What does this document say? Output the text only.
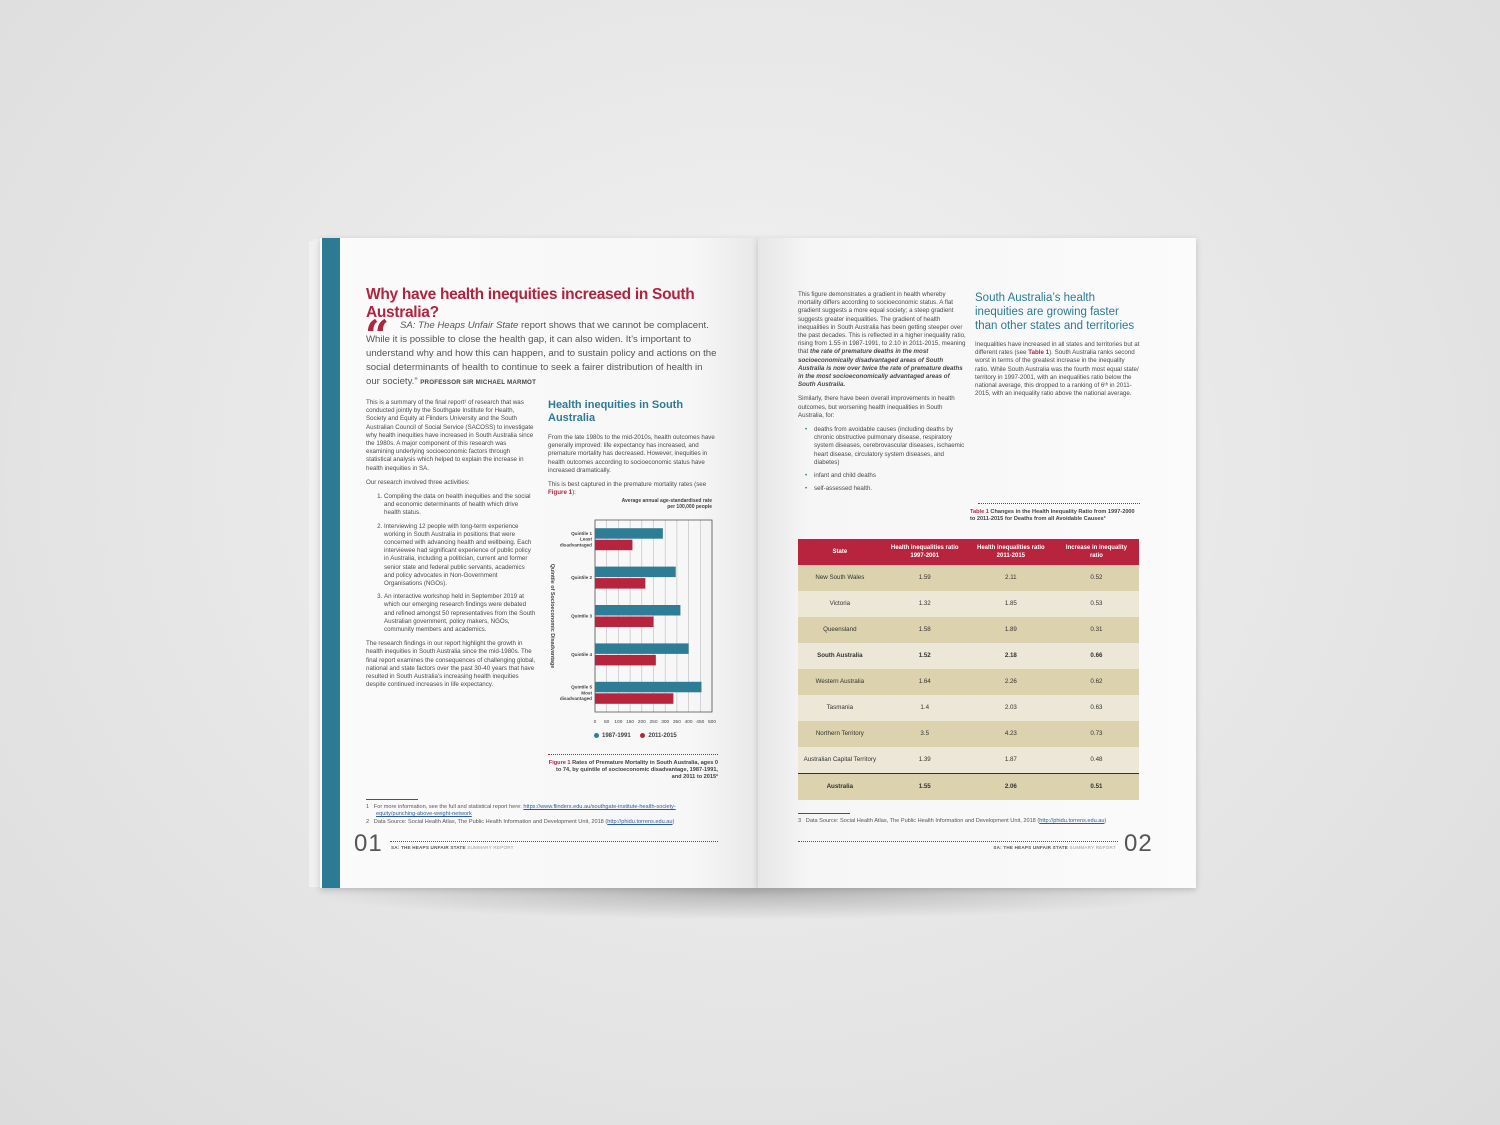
Why have health inequities increased in South Australia?
“	SA: The Heaps Unfair State report shows that we cannot be complacent. While it is possible to close the health gap, it can also widen. It’s important to understand why and how this can happen, and to sustain policy and actions on the social determinants of health to continue to seek a fairer distribution of health in our society.” PROFESSOR SIR MICHAEL MARMOT

This is a summary of the final report¹ of research that was conducted jointly by the Southgate Institute for Health, Society and Equity at Flinders University and the South Australian Council of Social Service (SACOSS) to investigate why health inequities have increased in South Australia since the 1980s. A major component of this research was examining underlying socioeconomic factors through statistical analysis which helped to explain the increase in health inequities in SA.

Our research involved three activities:

1. Compiling the data on health inequities and the social and economic determinants of health which drive health status.
2. Interviewing 12 people with long-term experience working in South Australia in positions that were concerned with advancing health and wellbeing. Each interviewee had significant experience of public policy in Australia, including a politician, current and former senior state and federal public servants, academics and policy advocates in Non-Government Organisations (NGOs).
3. An interactive workshop held in September 2019 at which our emerging research findings were debated and refined amongst 50 representatives from the South Australian government, policy makers, NGOs, community members and academics.

The research findings in our report highlight the growth in health inequities in South Australia since the mid-1980s. The final report examines the consequences of challenging global, national and state factors over the past 30-40 years that have resulted in South Australia’s increasing health inequities despite continued increases in life expectancy.

Health inequities in South Australia

From the late 1980s to the mid-2010s, health outcomes have generally improved: life expectancy has increased, and premature mortality has decreased. However, inequities in health outcomes according to socioeconomic status have increased dramatically.

This is best captured in the premature mortality rates (see Figure 1):

Average annual age-standardised rate per 100,000 people
Quintile 1
Least
disadvantaged
Quintile 2
Quintile 3
Quintile 4
Quintile 5
Most
disadvantaged
0 50 100 150 200 250 300 350 400 450 500
Quintile of Socioeconomic Disadvantage
1987-1991	2011-2015
Figure 1 Rates of Premature Mortality in South Australia, ages 0 to 74, by quintile of socioeconomic disadvantage, 1987-1991, and 2011 to 2015²
1 For more information, see the full and statistical report here: https://www.flinders.edu.au/southgate-institute-health-society-equity/punching-above-weight-network
2 Data Source: Social Health Atlas, The Public Health Information and Development Unit, 2018 (http://phidu.torrens.edu.au)
01 SA: THE HEAPS UNFAIR STATE SUMMARY REPORT

This figure demonstrates a gradient in health whereby mortality differs according to socioeconomic status. A flat gradient suggests a more equal society; a steep gradient suggests greater inequalities. The gradient of health inequalities in South Australia has been getting steeper over the past decades. This is reflected in a higher inequality ratio, rising from 1.55 in 1987-1991, to 2.10 in 2011-2015, meaning that the rate of premature deaths in the most socioeconomically disadvantaged areas of South Australia is now over twice the rate of premature deaths in the most socioeconomically advantaged areas of South Australia.

Similarly, there have been overall improvements in health outcomes, but worsening health inequalities in South Australia, for:

• deaths from avoidable causes (including deaths by chronic obstructive pulmonary disease, respiratory system diseases, cerebrovascular diseases, ischaemic heart disease, circulatory system diseases, and diabetes)
• infant and child deaths
• self-assessed health.
South Australia’s health inequities are growing faster than other states and territories

Inequalities have increased in all states and territories but at different rates (see Table 1). South Australia ranks second worst in terms of the greatest increase in the inequality ratio. While South Australia was the fourth most equal state/ territory in 1997-2001, with an inequalities ratio below the national average, this dropped to a ranking of 6ᵗʰ in 2011-2015, with an inequality ratio above the national average.

Table 1 Changes in the Health Inequality Ratio from 1997-2000 to 2011-2015 for Deaths from all Avoidable Causes³
State	Health inequalities ratio 1997-2001	Health inequalities ratio 2011-2015	Increase in inequality ratio
New South Wales	1.59	2.11	0.52
Victoria	1.32	1.85	0.53
Queensland	1.58	1.89	0.31
South Australia	1.52	2.18	0.66
Western Australia	1.64	2.26	0.62
Tasmania	1.4	2.03	0.63
Northern Territory	3.5	4.23	0.73
Australian Capital Territory	1.39	1.87	0.48
Australia	1.55	2.06	0.51
3 Data Source: Social Health Atlas, The Public Health Information and Development Unit, 2018 (http://phidu.torrens.edu.au)
SA: THE HEAPS UNFAIR STATE SUMMARY REPORT 02
